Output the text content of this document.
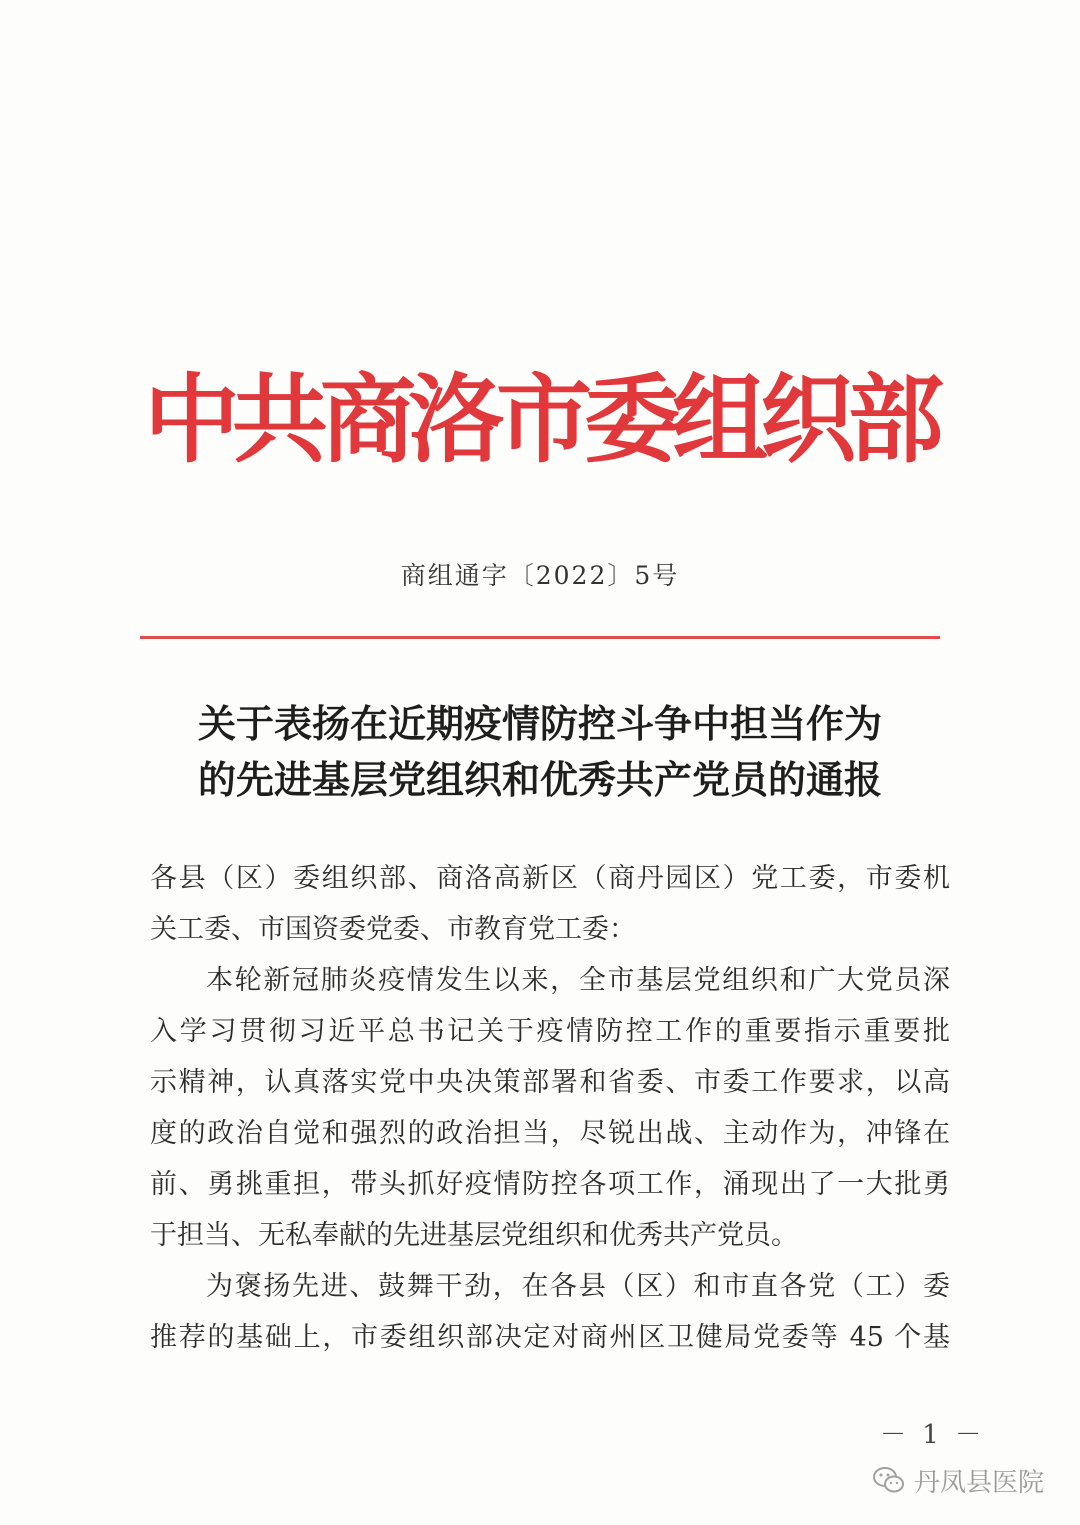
中共商洛市委组织部
商组通字〔2022〕5号
关于表扬在近期疫情防控斗争中担当作为
的先进基层党组织和优秀共产党员的通报
各县（区）委组织部、商洛高新区（商丹园区）党工委，市委机
关工委、市国资委党委、市教育党工委：
本轮新冠肺炎疫情发生以来，全市基层党组织和广大党员深
入学习贯彻习近平总书记关于疫情防控工作的重要指示重要批
示精神，认真落实党中央决策部署和省委、市委工作要求，以高
度的政治自觉和强烈的政治担当，尽锐出战、主动作为，冲锋在
前、勇挑重担，带头抓好疫情防控各项工作，涌现出了一大批勇
于担当、无私奉献的先进基层党组织和优秀共产党员。
为褒扬先进、鼓舞干劲，在各县（区）和市直各党（工）委
推荐的基础上，市委组织部决定对商州区卫健局党委等 45 个基
－ 1 －
丹凤县医院
